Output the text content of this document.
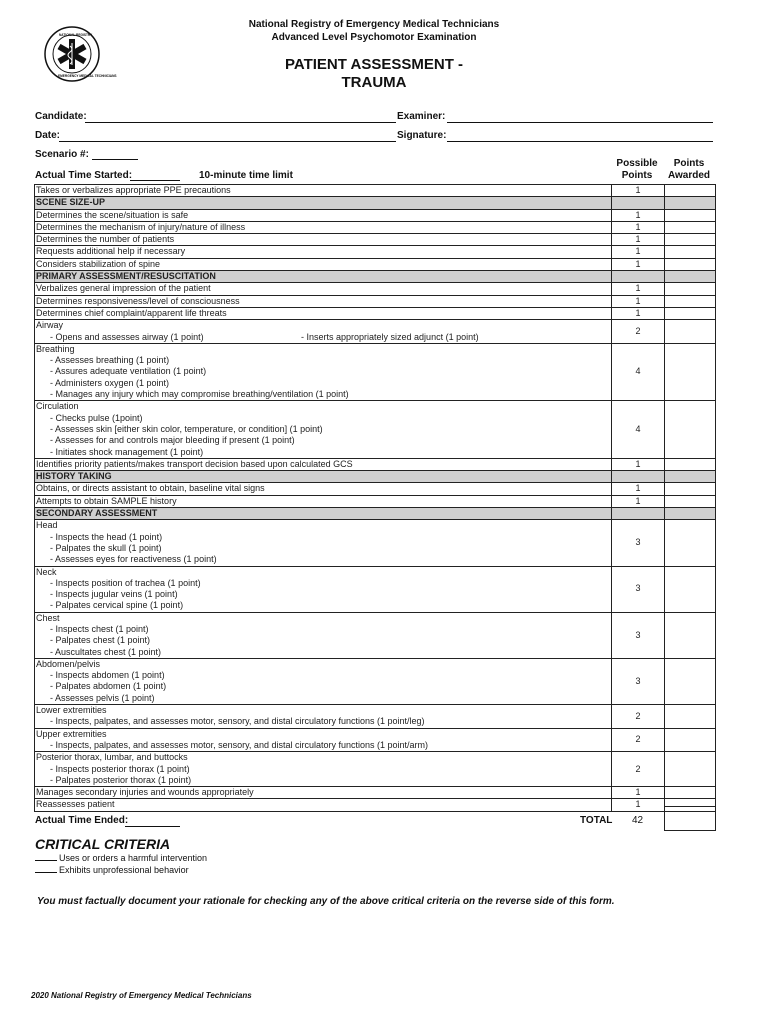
NATIONAL REGISTRY
EMERGENCY MEDICAL TECHNICIANS
National Registry of Emergency Medical Technicians
Advanced Level Psychomotor Examination
PATIENT ASSESSMENT -
TRAUMA
Candidate:	Examiner:
Date:	Signature:
Scenario #:
Actual Time Started:	10-minute time limit
Possible
Points
Points
Awarded
Takes or verbalizes appropriate PPE precautions	1	

SCENE SIZE-UP		

Determines the scene/situation is safe	1	

Determines the mechanism of injury/nature of illness	1	

Determines the number of patients	1	

Requests additional help if necessary	1	

Considers stabilization of spine	1	

PRIMARY ASSESSMENT/RESUSCITATION		

Verbalizes general impression of the patient	1	

Determines responsiveness/level of consciousness	1	

Determines chief complaint/apparent life threats	1	

Airway
- Opens and assesses airway (1 point) - Inserts appropriately sized adjunct (1 point)	2	

Breathing
- Assesses breathing (1 point)
- Assures adequate ventilation (1 point)
- Administers oxygen (1 point)
- Manages any injury which may compromise breathing/ventilation (1 point)	4	

Circulation
- Checks pulse (1point)
- Assesses skin [either skin color, temperature, or condition] (1 point)
- Assesses for and controls major bleeding if present (1 point)
- Initiates shock management (1 point)	4	

Identifies priority patients/makes transport decision based upon calculated GCS	1	

HISTORY TAKING		

Obtains, or directs assistant to obtain, baseline vital signs	1	

Attempts to obtain SAMPLE history	1	

SECONDARY ASSESSMENT		

Head
- Inspects the head (1 point)
- Palpates the skull (1 point)
- Assesses eyes for reactiveness (1 point)	3	

Neck
- Inspects position of trachea (1 point)
- Inspects jugular veins (1 point)
- Palpates cervical spine (1 point)	3	

Chest
- Inspects chest (1 point)
- Palpates chest (1 point)
- Auscultates chest (1 point)	3	

Abdomen/pelvis
- Inspects abdomen (1 point)
- Palpates abdomen (1 point)
- Assesses pelvis (1 point)	3	

Lower extremities
- Inspects, palpates, and assesses motor, sensory, and distal circulatory functions (1 point/leg)	2	

Upper extremities
- Inspects, palpates, and assesses motor, sensory, and distal circulatory functions (1 point/arm)	2	

Posterior thorax, lumbar, and buttocks
- Inspects posterior thorax (1 point)
- Palpates posterior thorax (1 point)	2	

Manages secondary injuries and wounds appropriately	1	

Reassesses patient	1	
Actual Time Ended:	TOTAL 42
CRITICAL CRITERIA
Uses or orders a harmful intervention
Exhibits unprofessional behavior
You must factually document your rationale for checking any of the above critical criteria on the reverse side of this form.
2020 National Registry of Emergency Medical Technicians
